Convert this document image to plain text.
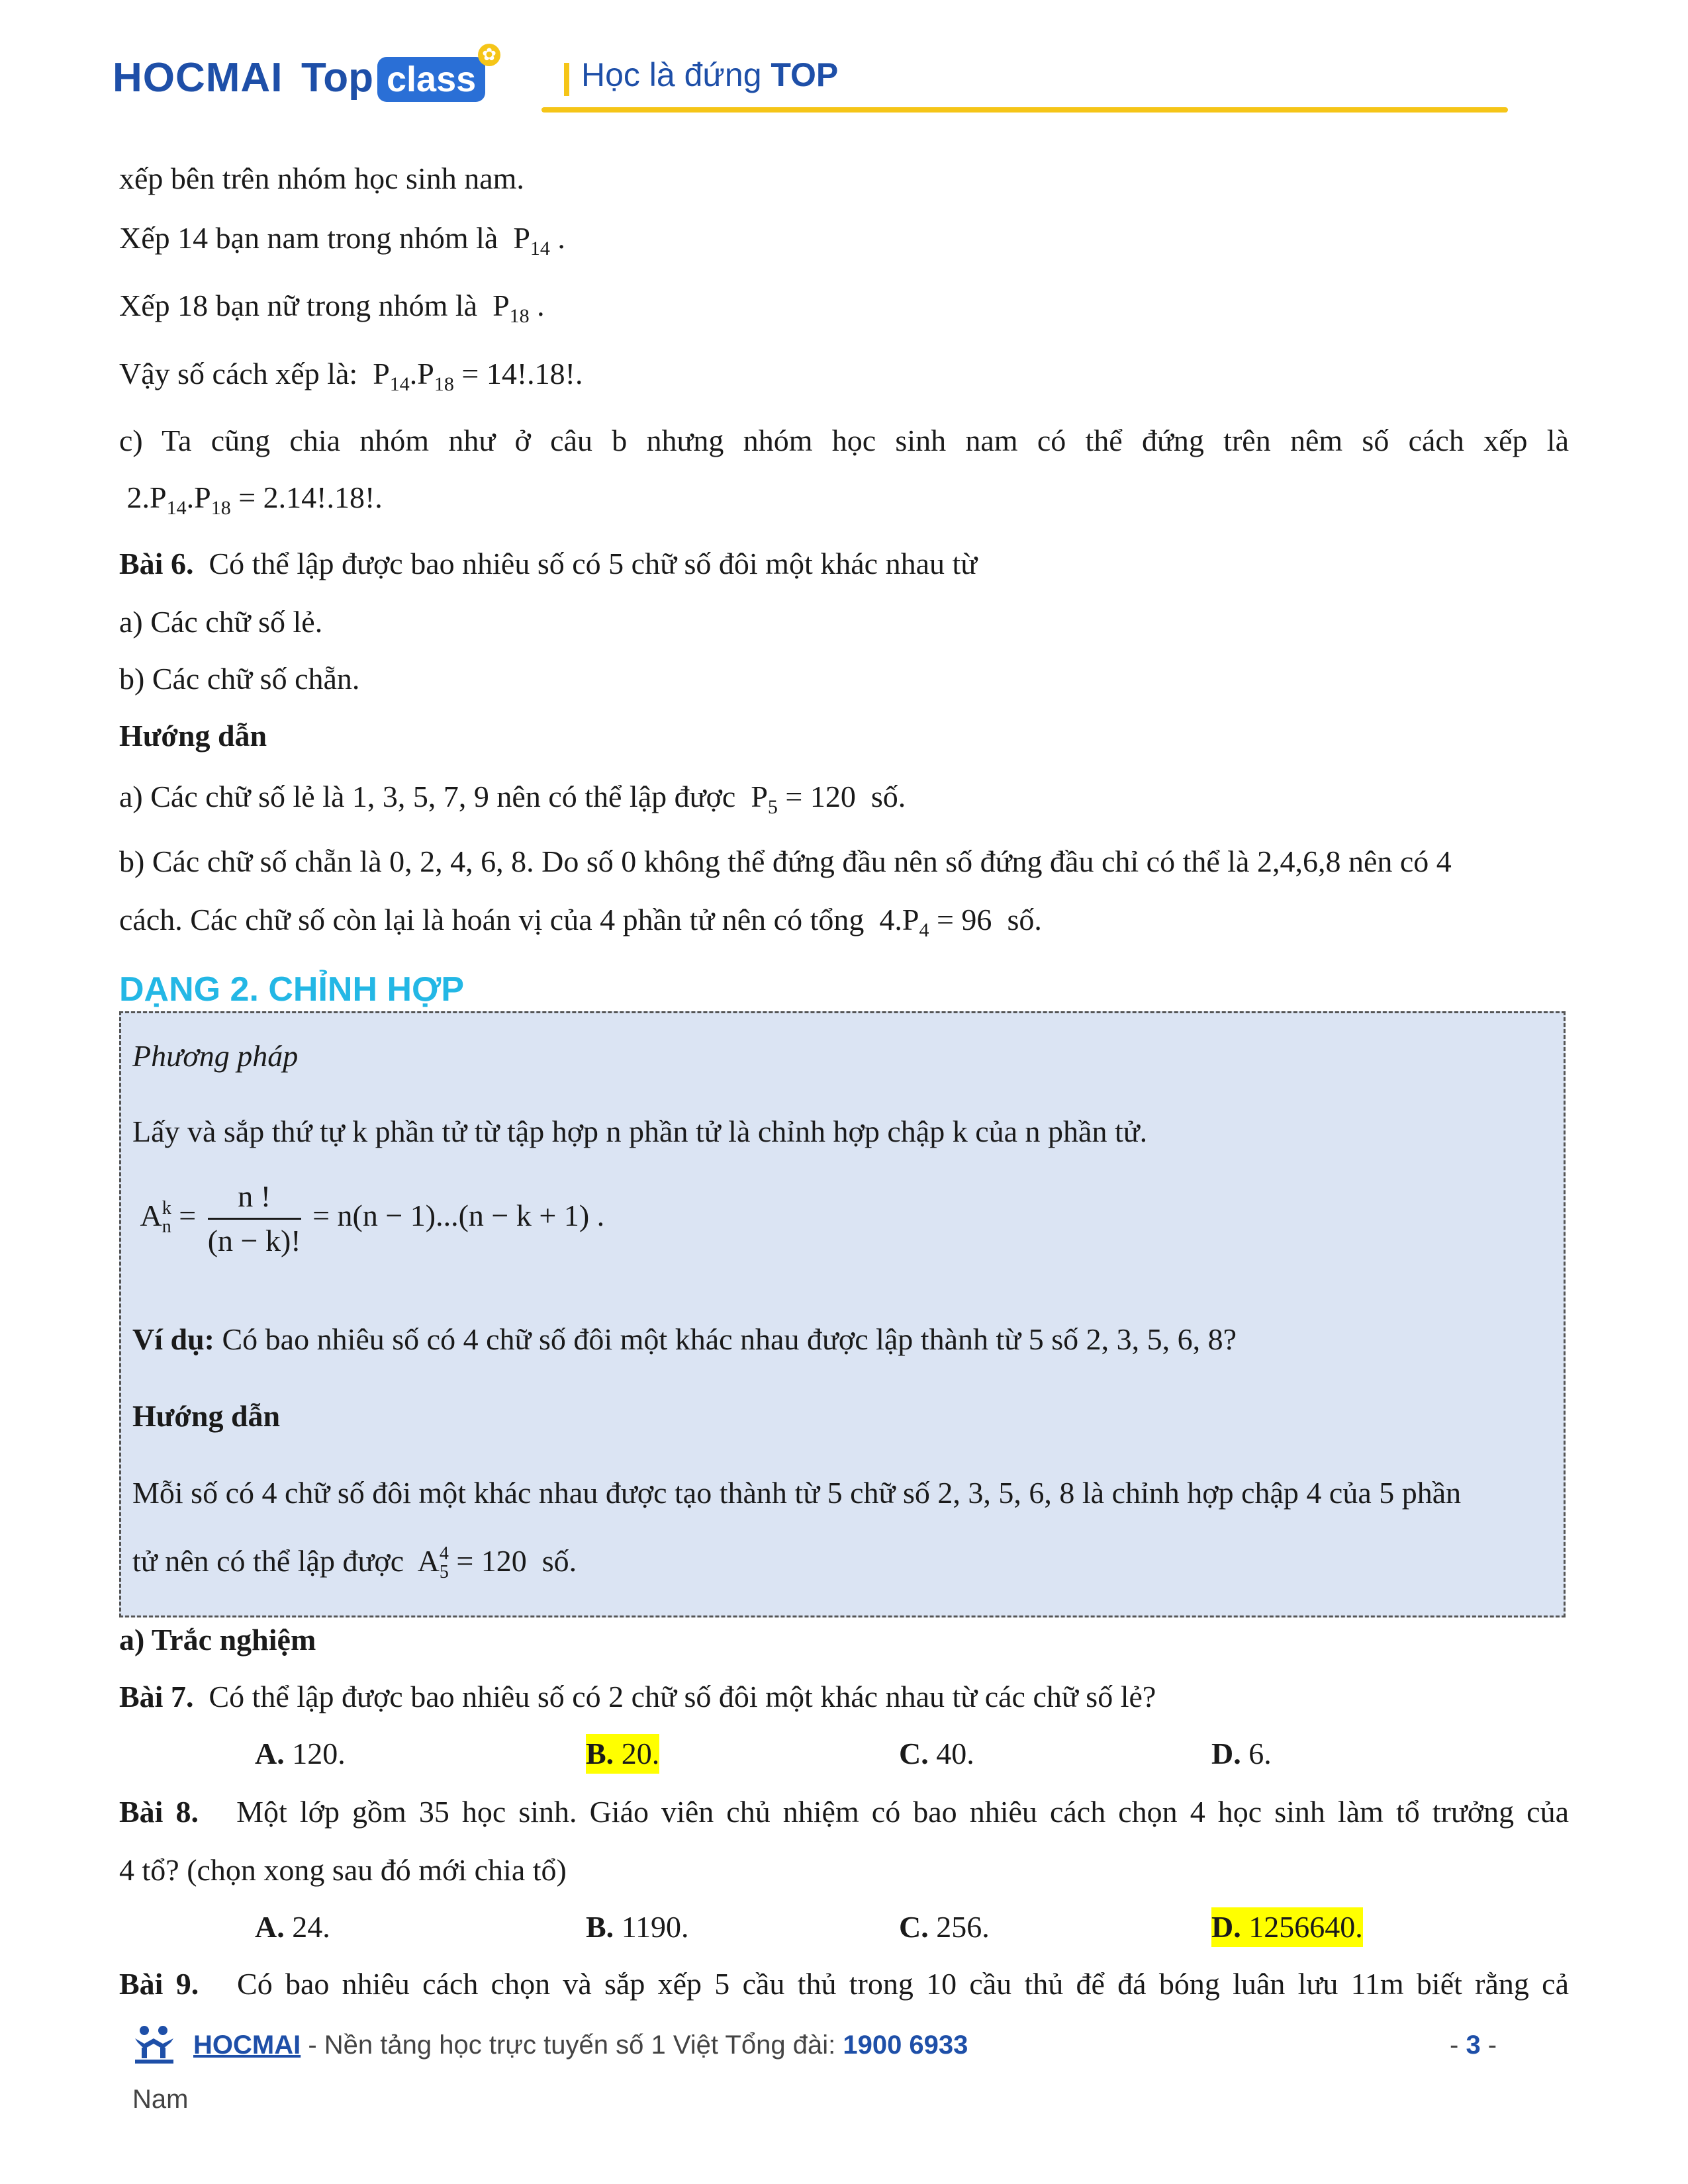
HOCMAI Top class
✿
Học là đứng TOP
xếp bên trên nhóm học sinh nam.
Xếp 14 bạn nam trong nhóm là $P_{14}$ .
Xếp 18 bạn nữ trong nhóm là $P_{18}$ .
Vậy số cách xếp là: $P_{14}.P_{18} = 14!.18$!.
c) Ta cũng chia nhóm như ở câu b nhưng nhóm học sinh nam có thể đứng trên nêm số cách xếp là
$2.P_{14}.P_{18} = 2.14!.18$!.
Bài 6. Có thể lập được bao nhiêu số có 5 chữ số đôi một khác nhau từ
a) Các chữ số lẻ.
b) Các chữ số chẵn.
Hướng dẫn
a) Các chữ số lẻ là 1, 3, 5, 7, 9 nên có thể lập được $P_5 = 120$ số.
b) Các chữ số chẵn là 0, 2, 4, 6, 8. Do số 0 không thể đứng đầu nên số đứng đầu chỉ có thể là 2,4,6,8 nên có 4
cách. Các chữ số còn lại là hoán vị của 4 phần tử nên có tổng $4.P_4 = 96$ số.
DẠNG 2. CHỈNH HỢP
Phương pháp
Lấy và sắp thứ tự k phần tử từ tập hợp n phần tử là chỉnh hợp chập k của n phần tử.
$A^k_n = \frac{n !}{(n - k)!} = n(n - 1)...(n - k + 1)$ .
Ví dụ: Có bao nhiêu số có 4 chữ số đôi một khác nhau được lập thành từ 5 số 2, 3, 5, 6, 8?
Hướng dẫn
Mỗi số có 4 chữ số đôi một khác nhau được tạo thành từ 5 chữ số 2, 3, 5, 6, 8 là chỉnh hợp chập 4 của 5 phần
tử nên có thể lập được $A^4_5 = 120$ số.
a) Trắc nghiệm
Bài 7. Có thể lập được bao nhiêu số có 2 chữ số đôi một khác nhau từ các chữ số lẻ?
A. 120.	B. 20.	C. 40.	D. 6.
Bài 8. Một lớp gồm 35 học sinh. Giáo viên chủ nhiệm có bao nhiêu cách chọn 4 học sinh làm tổ trưởng của
4 tổ? (chọn xong sau đó mới chia tổ)
A. 24.	B. 1190.	C. 256.	D. 1256640.
Bài 9. Có bao nhiêu cách chọn và sắp xếp 5 cầu thủ trong 10 cầu thủ để đá bóng luân lưu 11m biết rằng cả
HOCMAI - Nền tảng học trực tuyến số 1 Việt Tổng đài: 1900 6933	- 3 -
Nam
